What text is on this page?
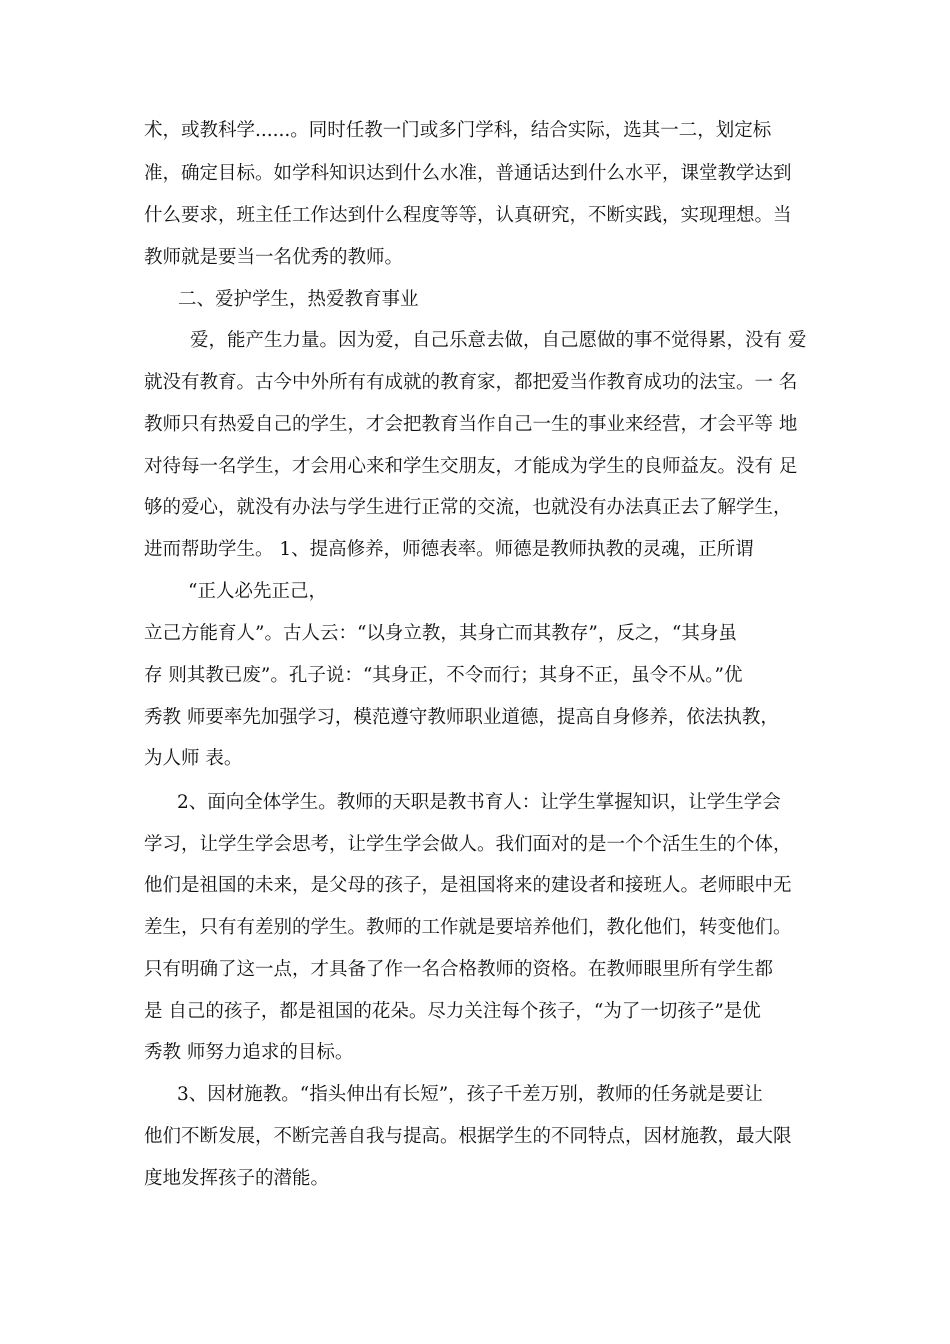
术，或教科学......。同时任教一门或多门学科，结合实际，选其一二，划定标
准，确定目标。如学科知识达到什么水准，普通话达到什么水平，课堂教学达到
什么要求，班主任工作达到什么程度等等，认真研究，不断实践，实现理想。当
教师就是要当一名优秀的教师。
二、爱护学生，热爱教育事业
爱，能产生力量。因为爱，自己乐意去做，自己愿做的事不觉得累，没有 爱
就没有教育。古今中外所有有成就的教育家，都把爱当作教育成功的法宝。一 名
教师只有热爱自己的学生，才会把教育当作自己一生的事业来经营，才会平等 地
对待每一名学生，才会用心来和学生交朋友，才能成为学生的良师益友。没有 足
够的爱心，就没有办法与学生进行正常的交流，也就没有办法真正去了解学生，
进而帮助学生。 1、提高修养，师德表率。师德是教师执教的灵魂，正所谓
“正人必先正己，
立己方能育人”。古人云：“以身立教，其身亡而其教存”，反之，“其身虽
存 则其教已废”。孔子说：“其身正，不令而行；其身不正，虽令不从。”优
秀教 师要率先加强学习，模范遵守教师职业道德，提高自身修养，依法执教，
为人师 表。
2、面向全体学生。教师的天职是教书育人：让学生掌握知识，让学生学会
学习，让学生学会思考，让学生学会做人。我们面对的是一个个活生生的个体，
他们是祖国的未来，是父母的孩子，是祖国将来的建设者和接班人。老师眼中无
差生，只有有差别的学生。教师的工作就是要培养他们，教化他们，转变他们。
只有明确了这一点，才具备了作一名合格教师的资格。在教师眼里所有学生都
是 自己的孩子，都是祖国的花朵。尽力关注每个孩子，“为了一切孩子”是优
秀教 师努力追求的目标。
3、因材施教。“指头伸出有长短”，孩子千差万别，教师的任务就是要让
他们不断发展，不断完善自我与提高。根据学生的不同特点，因材施教，最大限
度地发挥孩子的潜能。
